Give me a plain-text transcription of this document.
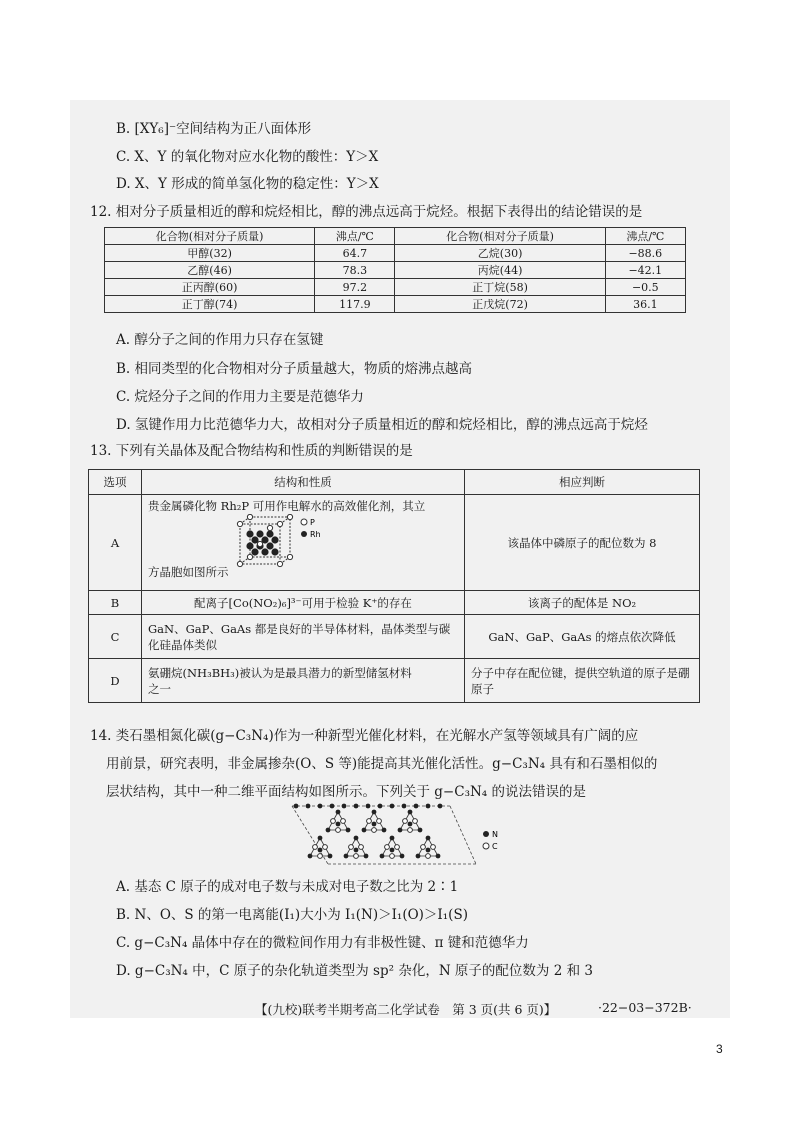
B. [XY₆]⁻空间结构为正八面体形
C. X、Y 的氧化物对应水化物的酸性：Y＞X
D. X、Y 形成的简单氢化物的稳定性：Y＞X
12. 相对分子质量相近的醇和烷烃相比，醇的沸点远高于烷烃。根据下表得出的结论错误的是
化合物(相对分子质量)	沸点/℃	化合物(相对分子质量)	沸点/℃
甲醇(32)	64.7	乙烷(30)	−88.6
乙醇(46)	78.3	丙烷(44)	−42.1
正丙醇(60)	97.2	正丁烷(58)	−0.5
正丁醇(74)	117.9	正戊烷(72)	36.1
A. 醇分子之间的作用力只存在氢键
B. 相同类型的化合物相对分子质量越大，物质的熔沸点越高
C. 烷烃分子之间的作用力主要是范德华力
D. 氢键作用力比范德华力大，故相对分子质量相近的醇和烷烃相比，醇的沸点远高于烷烃
13. 下列有关晶体及配合物结构和性质的判断错误的是
选项	结构和性质	相应判断
A	贵金属磷化物 Rh₂P 可用作电解水的高效催化剂，其立
P
Rh
方晶胞如图所示	该晶体中磷原子的配位数为 8
B	配离子[Co(NO₂)₆]³⁻可用于检验 K⁺的存在	该离子的配体是 NO₂
C	GaN、GaP、GaAs 都是良好的半导体材料，晶体类型与碳
化硅晶体类似	GaN、GaP、GaAs 的熔点依次降低
D	氨硼烷(NH₃BH₃)被认为是最具潜力的新型储氢材料
之一	分子中存在配位键，提供空轨道的原子是硼原子
14. 类石墨相氮化碳(g−C₃N₄)作为一种新型光催化材料，在光解水产氢等领域具有广阔的应
用前景，研究表明，非金属掺杂(O、S 等)能提高其光催化活性。g−C₃N₄ 具有和石墨相似的
层状结构，其中一种二维平面结构如图所示。下列关于 g−C₃N₄ 的说法错误的是
N
C
A. 基态 C 原子的成对电子数与未成对电子数之比为 2∶1
B. N、O、S 的第一电离能(I₁)大小为 I₁(N)＞I₁(O)＞I₁(S)
C. g−C₃N₄ 晶体中存在的微粒间作用力有非极性键、π 键和范德华力
D. g−C₃N₄ 中，C 原子的杂化轨道类型为 sp² 杂化，N 原子的配位数为 2 和 3
【(九校)联考半期考高二化学试卷　第 3 页(共 6 页)】	·22−03−372B·
3
